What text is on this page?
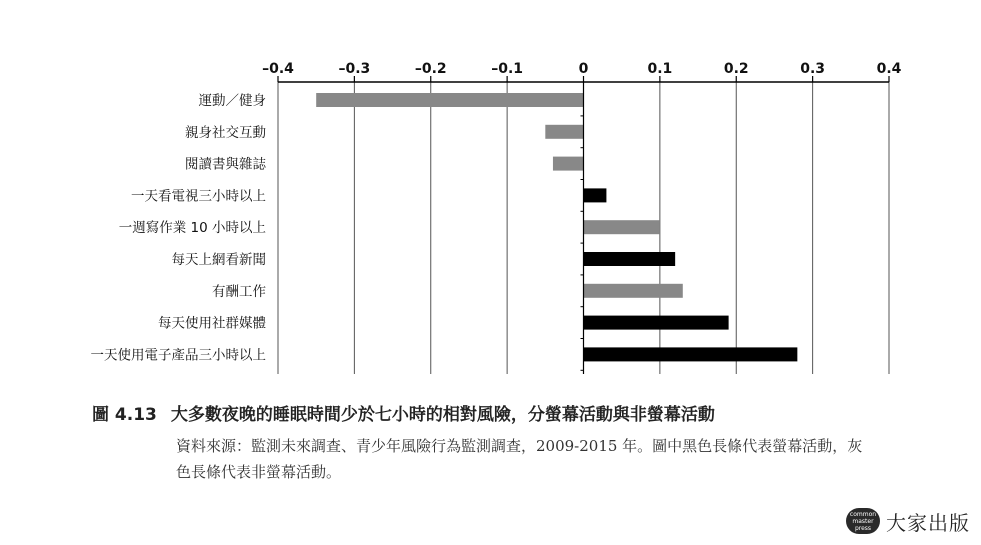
–0.4	–0.3	–0.2	–0.1	0	0.1	0.2	0.3	0.4
運動／健身
親身社交互動
閱讀書與雜誌
一天看電視三小時以上
一週寫作業 10 小時以上
每天上網看新聞
有酬工作
每天使用社群媒體
一天使用電子產品三小時以上
圖 4.13 大多數夜晚的睡眠時間少於七小時的相對風險，分螢幕活動與非螢幕活動
資料來源：監測未來調查、青少年風險行為監測調查，2009-2015 年。圖中黑色長條代表螢幕活動，灰色長條代表非螢幕活動。
common
master
press 大家出版
